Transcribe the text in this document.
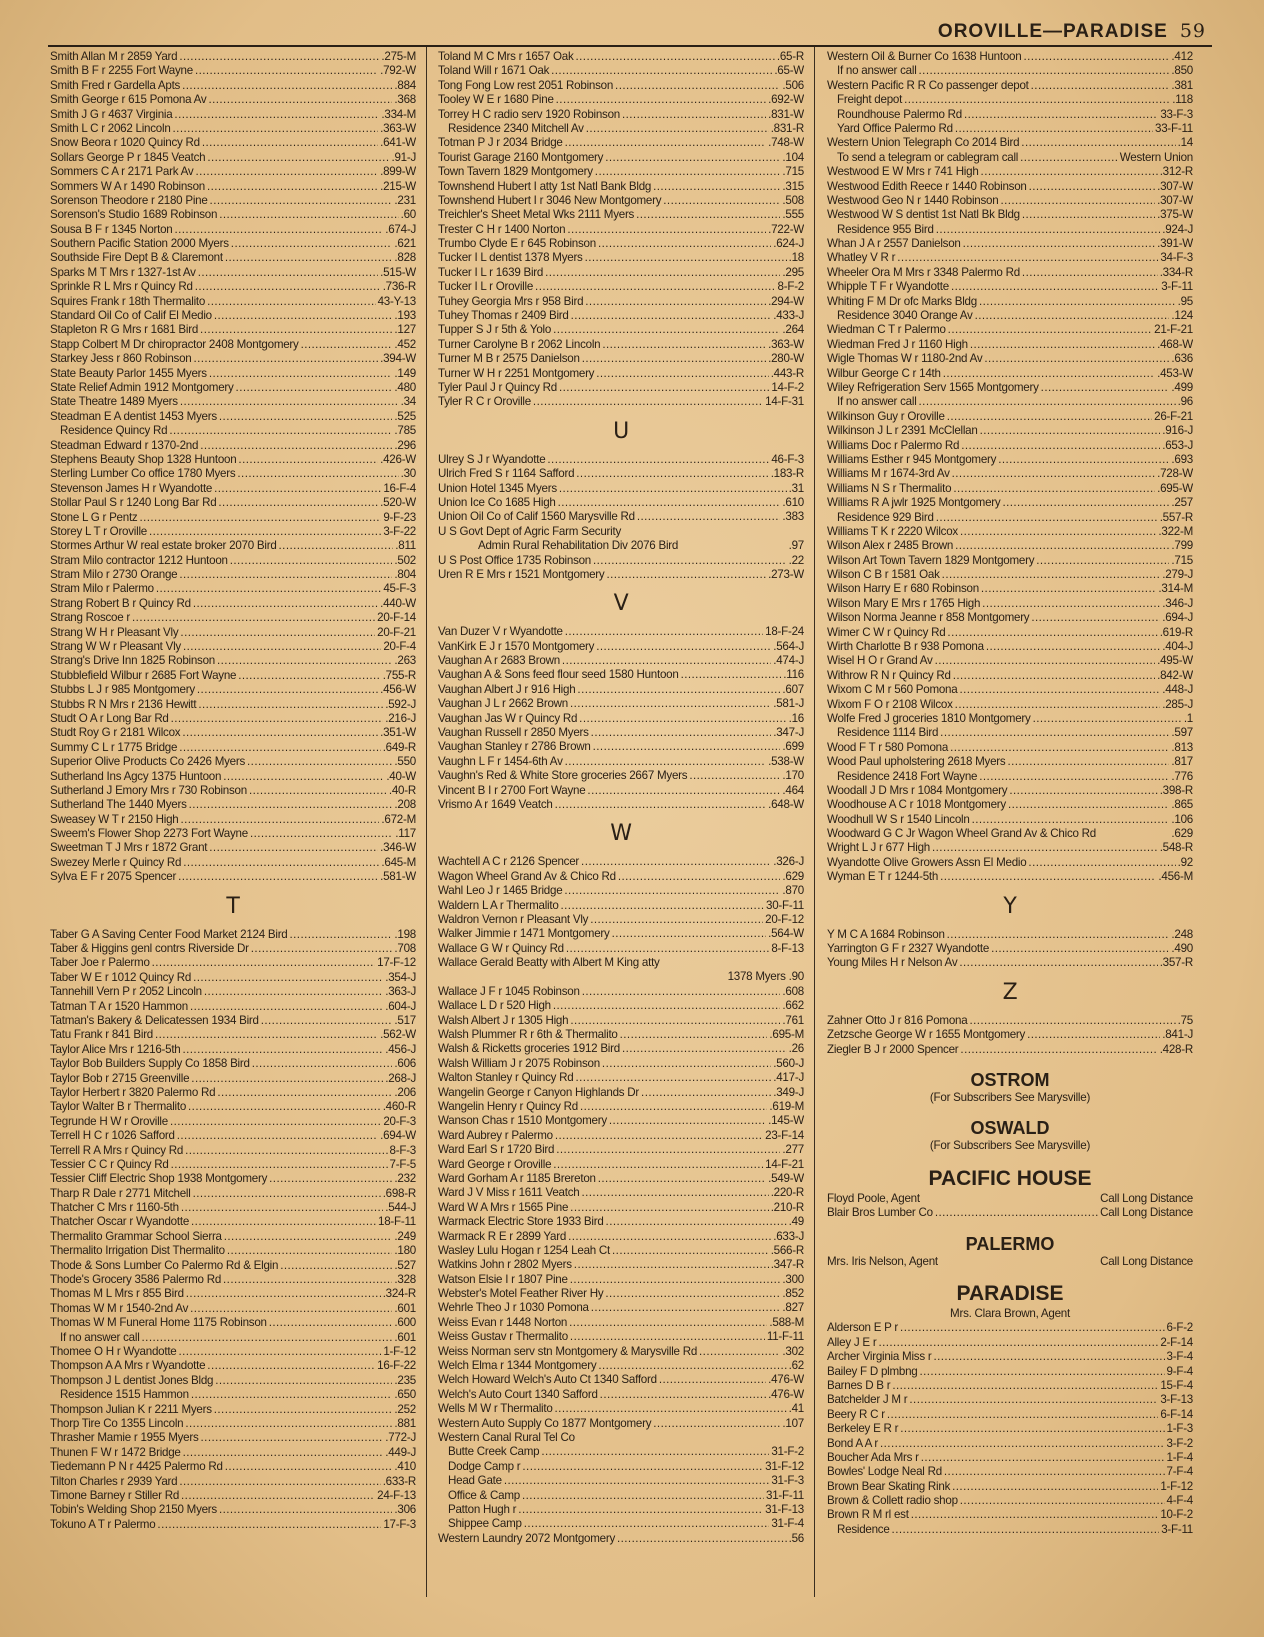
OROVILLE—PARADISE 59
Smith Allan M r 2859 Yard . . .	.275-M
Smith B F r 2255 Fort Wayne . . .	.792-W
Smith Fred r Gardella Apts . . .	.884
Smith George r 615 Pomona Av . . .	.368
Smith J G r 4637 Virginia . . .	.334-M
Smith L C r 2062 Lincoln . . .	.363-W
Snow Beora r 1020 Quincy Rd . . .	.641-W
Sollars George P r 1845 Veatch . . .	.91-J
Sommers C A r 2171 Park Av . . .	.899-W
Sommers W A r 1490 Robinson . . .	.215-W
Sorenson Theodore r 2180 Pine . . .	.231
Sorenson's Studio 1689 Robinson . . .	.60
Sousa B F r 1345 Norton . . .	.674-J
Southern Pacific Station 2000 Myers . . .	.621
Southside Fire Dept B & Claremont . . .	.828
Sparks M T Mrs r 1327-1st Av . . .	.515-W
Sprinkle R L Mrs r Quincy Rd . . .	.736-R
Squires Frank r 18th Thermalito . . .	43-Y-13
Standard Oil Co of Calif El Medio . . .	.193
Stapleton R G Mrs r 1681 Bird . . .	.127
Stapp Colbert M Dr chiropractor 2408 Montgomery . . .	.452
Starkey Jess r 860 Robinson . . .	.394-W
State Beauty Parlor 1455 Myers . . .	.149
State Relief Admin 1912 Montgomery . . .	.480
State Theatre 1489 Myers . . .	.34
Steadman E A dentist 1453 Myers . . .	.525
Residence Quincy Rd . . .	.785
Steadman Edward r 1370-2nd . . .	.296
Stephens Beauty Shop 1328 Huntoon . . .	.426-W
Sterling Lumber Co office 1780 Myers . . .	.30
Stevenson James H r Wyandotte . . .	16-F-4
Stollar Paul S r 1240 Long Bar Rd . . .	.520-W
Stone L G r Pentz . . .	9-F-23
Storey L T r Oroville . . .	3-F-22
Stormes Arthur W real estate broker 2070 Bird . . .	.811
Stram Milo contractor 1212 Huntoon . . .	.502
Stram Milo r 2730 Orange . . .	.804
Stram Milo r Palermo . . .	45-F-3
Strang Robert B r Quincy Rd . . .	.440-W
Strang Roscoe r . . .	20-F-14
Strang W H r Pleasant Vly . . .	20-F-21
Strang W W r Pleasant Vly . . .	20-F-4
Strang's Drive Inn 1825 Robinson . . .	.263
Stubblefield Wilbur r 2685 Fort Wayne . . .	.755-R
Stubbs L J r 985 Montgomery . . .	.456-W
Stubbs R N Mrs r 2136 Hewitt . . .	.592-J
Studt O A r Long Bar Rd . . .	.216-J
Studt Roy G r 2181 Wilcox . . .	.351-W
Summy C L r 1775 Bridge . . .	.649-R
Superior Olive Products Co 2426 Myers . . .	.550
Sutherland Ins Agcy 1375 Huntoon . . .	.40-W
Sutherland J Emory Mrs r 730 Robinson . . .	.40-R
Sutherland The 1440 Myers . . .	.208
Sweasey W T r 2150 High . . .	.672-M
Sweem's Flower Shop 2273 Fort Wayne . . .	.117
Sweetman T J Mrs r 1872 Grant . . .	.346-W
Swezey Merle r Quincy Rd . . .	.645-M
Sylva E F r 2075 Spencer . . .	.581-W
T
Taber G A Saving Center Food Market 2124 Bird . . .	.198
Taber & Higgins genl contrs Riverside Dr . . .	.708
Taber Joe r Palermo . . .	17-F-12
Taber W E r 1012 Quincy Rd . . .	.354-J
Tannehill Vern P r 2052 Lincoln . . .	.363-J
Tatman T A r 1520 Hammon . . .	.604-J
Tatman's Bakery & Delicatessen 1934 Bird . . .	.517
Tatu Frank r 841 Bird . . .	.562-W
Taylor Alice Mrs r 1216-5th . . .	.456-J
Taylor Bob Builders Supply Co 1858 Bird . . .	.606
Taylor Bob r 2715 Greenville . . .	.268-J
Taylor Herbert r 3820 Palermo Rd . . .	.206
Taylor Walter B r Thermalito . . .	.460-R
Tegrunde H W r Oroville . . .	20-F-3
Terrell H C r 1026 Safford . . .	.694-W
Terrell R A Mrs r Quincy Rd . . .	8-F-3
Tessier C C r Quincy Rd . . .	7-F-5
Tessier Cliff Electric Shop 1938 Montgomery . . .	.232
Tharp R Dale r 2771 Mitchell . . .	.698-R
Thatcher C Mrs r 1160-5th . . .	.544-J
Thatcher Oscar r Wyandotte . . .	18-F-11
Thermalito Grammar School Sierra . . .	.249
Thermalito Irrigation Dist Thermalito . . .	.180
Thode & Sons Lumber Co Palermo Rd & Elgin . . .	.527
Thode's Grocery 3586 Palermo Rd . . .	.328
Thomas M L Mrs r 855 Bird . . .	.324-R
Thomas W M r 1540-2nd Av . . .	.601
Thomas W M Funeral Home 1175 Robinson . . .	.600
If no answer call . . .	.601
Thomee O H r Wyandotte . . .	1-F-12
Thompson A A Mrs r Wyandotte . . .	16-F-22
Thompson J L dentist Jones Bldg . . .	.235
Residence 1515 Hammon . . .	.650
Thompson Julian K r 2211 Myers . . .	.252
Thorp Tire Co 1355 Lincoln . . .	.881
Thrasher Mamie r 1955 Myers . . .	.772-J
Thunen F W r 1472 Bridge . . .	.449-J
Tiedemann P N r 4425 Palermo Rd . . .	.410
Tilton Charles r 2939 Yard . . .	.633-R
Timone Barney r Stiller Rd . . .	24-F-13
Tobin's Welding Shop 2150 Myers . . .	.306
Tokuno A T r Palermo . . .	17-F-3
Toland M C Mrs r 1657 Oak . . .	.65-R
Toland Will r 1671 Oak . . .	.65-W
Tong Fong Low rest 2051 Robinson . . .	.506
Tooley W E r 1680 Pine . . .	.692-W
Torrey H C radio serv 1920 Robinson . . .	.831-W
Residence 2340 Mitchell Av . . .	.831-R
Totman P J r 2034 Bridge . . .	.748-W
Tourist Garage 2160 Montgomery . . .	.104
Town Tavern 1829 Montgomery . . .	.715
Townshend Hubert I atty 1st Natl Bank Bldg . . .	.315
Townshend Hubert I r 3046 New Montgomery . . .	.508
Treichler's Sheet Metal Wks 2111 Myers . . .	.555
Trester C H r 1400 Norton . . .	.722-W
Trumbo Clyde E r 645 Robinson . . .	.624-J
Tucker I L dentist 1378 Myers . . .	.18
Tucker I L r 1639 Bird . . .	.295
Tucker I L r Oroville . . .	8-F-2
Tuhey Georgia Mrs r 958 Bird . . .	.294-W
Tuhey Thomas r 2409 Bird . . .	.433-J
Tupper S J r 5th & Yolo . . .	.264
Turner Carolyne B r 2062 Lincoln . . .	.363-W
Turner M B r 2575 Danielson . . .	.280-W
Turner W H r 2251 Montgomery . . .	.443-R
Tyler Paul J r Quincy Rd . . .	14-F-2
Tyler R C r Oroville . . .	14-F-31
U
Ulrey S J r Wyandotte . . .	46-F-3
Ulrich Fred S r 1164 Safford . . .	.183-R
Union Hotel 1345 Myers . . .	.31
Union Ice Co 1685 High . . .	.610
Union Oil Co of Calif 1560 Marysville Rd . . .	.383
U S Govt Dept of Agric Farm Security
Admin Rural Rehabilitation Div 2076 Bird	.97
U S Post Office 1735 Robinson . . .	.22
Uren R E Mrs r 1521 Montgomery . . .	.273-W
V
Van Duzer V r Wyandotte . . .	18-F-24
VanKirk E J r 1570 Montgomery . . .	.564-J
Vaughan A r 2683 Brown . . .	.474-J
Vaughan A & Sons feed flour seed 1580 Huntoon . . .	.116
Vaughan Albert J r 916 High . . .	.607
Vaughan J L r 2662 Brown . . .	.581-J
Vaughan Jas W r Quincy Rd . . .	.16
Vaughan Russell r 2850 Myers . . .	.347-J
Vaughan Stanley r 2786 Brown . . .	.699
Vaughn L F r 1454-6th Av . . .	.538-W
Vaughn's Red & White Store groceries 2667 Myers . . .	.170
Vincent B I r 2700 Fort Wayne . . .	.464
Vrismo A r 1649 Veatch . . .	.648-W
W
Wachtell A C r 2126 Spencer . . .	.326-J
Wagon Wheel Grand Av & Chico Rd . . .	.629
Wahl Leo J r 1465 Bridge . . .	.870
Waldern L A r Thermalito . . .	30-F-11
Waldron Vernon r Pleasant Vly . . .	20-F-12
Walker Jimmie r 1471 Montgomery . . .	.564-W
Wallace G W r Quincy Rd . . .	8-F-13
Wallace Gerald Beatty with Albert M King atty
1378 Myers .90
Wallace J F r 1045 Robinson . . .	.608
Wallace L D r 520 High . . .	.662
Walsh Albert J r 1305 High . . .	.761
Walsh Plummer R r 6th & Thermalito . . .	.695-M
Walsh & Ricketts groceries 1912 Bird . . .	.26
Walsh William J r 2075 Robinson . . .	.560-J
Walton Stanley r Quincy Rd . . .	.417-J
Wangelin George r Canyon Highlands Dr . . .	.349-J
Wangelin Henry r Quincy Rd . . .	.619-M
Wanson Chas r 1510 Montgomery . . .	.145-W
Ward Aubrey r Palermo . . .	23-F-14
Ward Earl S r 1720 Bird . . .	.277
Ward George r Oroville . . .	14-F-21
Ward Gorham A r 1185 Brereton . . .	.549-W
Ward J V Miss r 1611 Veatch . . .	.220-R
Ward W A Mrs r 1565 Pine . . .	.210-R
Warmack Electric Store 1933 Bird . . .	.49
Warmack R E r 2899 Yard . . .	.633-J
Wasley Lulu Hogan r 1254 Leah Ct . . .	.566-R
Watkins John r 2802 Myers . . .	.347-R
Watson Elsie I r 1807 Pine . . .	.300
Webster's Motel Feather River Hy . . .	.852
Wehrle Theo J r 1030 Pomona . . .	.827
Weiss Evan r 1448 Norton . . .	.588-M
Weiss Gustav r Thermalito . . .	11-F-11
Weiss Norman serv stn Montgomery & Marysville Rd . . .	.302
Welch Elma r 1344 Montgomery . . .	.62
Welch Howard Welch's Auto Ct 1340 Safford . . .	.476-W
Welch's Auto Court 1340 Safford . . .	.476-W
Wells M W r Thermalito . . .	.41
Western Auto Supply Co 1877 Montgomery . . .	.107
Western Canal Rural Tel Co
Butte Creek Camp . . .	31-F-2
Dodge Camp r . . .	31-F-12
Head Gate . . .	31-F-3
Office & Camp . . .	31-F-11
Patton Hugh r . . .	31-F-13
Shippee Camp . . .	31-F-4
Western Laundry 2072 Montgomery . . .	.56
Western Oil & Burner Co 1638 Huntoon . . .	.412
If no answer call . . .	.850
Western Pacific R R Co passenger depot . . .	.381
Freight depot . . .	.118
Roundhouse Palermo Rd . . .	33-F-3
Yard Office Palermo Rd . . .	33-F-11
Western Union Telegraph Co 2014 Bird . . .	.14
To send a telegram or cablegram call . . .	Western Union
Westwood E W Mrs r 741 High . . .	.312-R
Westwood Edith Reece r 1440 Robinson . . .	.307-W
Westwood Geo N r 1440 Robinson . . .	.307-W
Westwood W S dentist 1st Natl Bk Bldg . . .	.375-W
Residence 955 Bird . . .	.924-J
Whan J A r 2557 Danielson . . .	.391-W
Whatley V R r . . .	34-F-3
Wheeler Ora M Mrs r 3348 Palermo Rd . . .	.334-R
Whipple T F r Wyandotte . . .	3-F-11
Whiting F M Dr ofc Marks Bldg . . .	.95
Residence 3040 Orange Av . . .	.124
Wiedman C T r Palermo . . .	21-F-21
Wiedman Fred J r 1160 High . . .	.468-W
Wigle Thomas W r 1180-2nd Av . . .	.636
Wilbur George C r 14th . . .	.453-W
Wiley Refrigeration Serv 1565 Montgomery . . .	.499
If no answer call . . .	.96
Wilkinson Guy r Oroville . . .	26-F-21
Wilkinson J L r 2391 McClellan . . .	.916-J
Williams Doc r Palermo Rd . . .	.653-J
Williams Esther r 945 Montgomery . . .	.693
Williams M r 1674-3rd Av . . .	.728-W
Williams N S r Thermalito . . .	.695-W
Williams R A jwlr 1925 Montgomery . . .	.257
Residence 929 Bird . . .	.557-R
Williams T K r 2220 Wilcox . . .	.322-M
Wilson Alex r 2485 Brown . . .	.799
Wilson Art Town Tavern 1829 Montgomery . . .	.715
Wilson C B r 1581 Oak . . .	.279-J
Wilson Harry E r 680 Robinson . . .	.314-M
Wilson Mary E Mrs r 1765 High . . .	.346-J
Wilson Norma Jeanne r 858 Montgomery . . .	.694-J
Wimer C W r Quincy Rd . . .	.619-R
Wirth Charlotte B r 938 Pomona . . .	.404-J
Wisel H O r Grand Av . . .	.495-W
Withrow R N r Quincy Rd . . .	.842-W
Wixom C M r 560 Pomona . . .	.448-J
Wixom F O r 2108 Wilcox . . .	.285-J
Wolfe Fred J groceries 1810 Montgomery . . .	.1
Residence 1114 Bird . . .	.597
Wood F T r 580 Pomona . . .	.813
Wood Paul upholstering 2618 Myers . . .	.817
Residence 2418 Fort Wayne . . .	.776
Woodall J D Mrs r 1084 Montgomery . . .	.398-R
Woodhouse A C r 1018 Montgomery . . .	.865
Woodhull W S r 1540 Lincoln . . .	.106
Woodward G C Jr Wagon Wheel Grand Av & Chico Rd	.629
Wright L J r 677 High . . .	.548-R
Wyandotte Olive Growers Assn El Medio . . .	.92
Wyman E T r 1244-5th . . .	.456-M
Y
Y M C A 1684 Robinson . . .	.248
Yarrington G F r 2327 Wyandotte . . .	.490
Young Miles H r Nelson Av . . .	.357-R
Z
Zahner Otto J r 816 Pomona . . .	.75
Zetzsche George W r 1655 Montgomery . . .	.841-J
Ziegler B J r 2000 Spencer . . .	.428-R
OSTROM
(For Subscribers See Marysville)
OSWALD
(For Subscribers See Marysville)
PACIFIC HOUSE
Floyd Poole, Agent	Call Long Distance
Blair Bros Lumber Co . . .	Call Long Distance
PALERMO
Mrs. Iris Nelson, Agent	Call Long Distance
PARADISE
Mrs. Clara Brown, Agent
Alderson E P r . . .	6-F-2
Alley J E r . . .	2-F-14
Archer Virginia Miss r . . .	3-F-4
Bailey F D plmbng . . .	9-F-4
Barnes D B r . . .	15-F-4
Batchelder J M r . . .	3-F-13
Beery R C r . . .	6-F-14
Berkeley E R r . . .	1-F-3
Bond A A r . . .	3-F-2
Boucher Ada Mrs r . . .	1-F-4
Bowles' Lodge Neal Rd . . .	7-F-4
Brown Bear Skating Rink . . .	1-F-12
Brown & Collett radio shop . . .	4-F-4
Brown R M rl est . . .	10-F-2
Residence . . .	3-F-11
